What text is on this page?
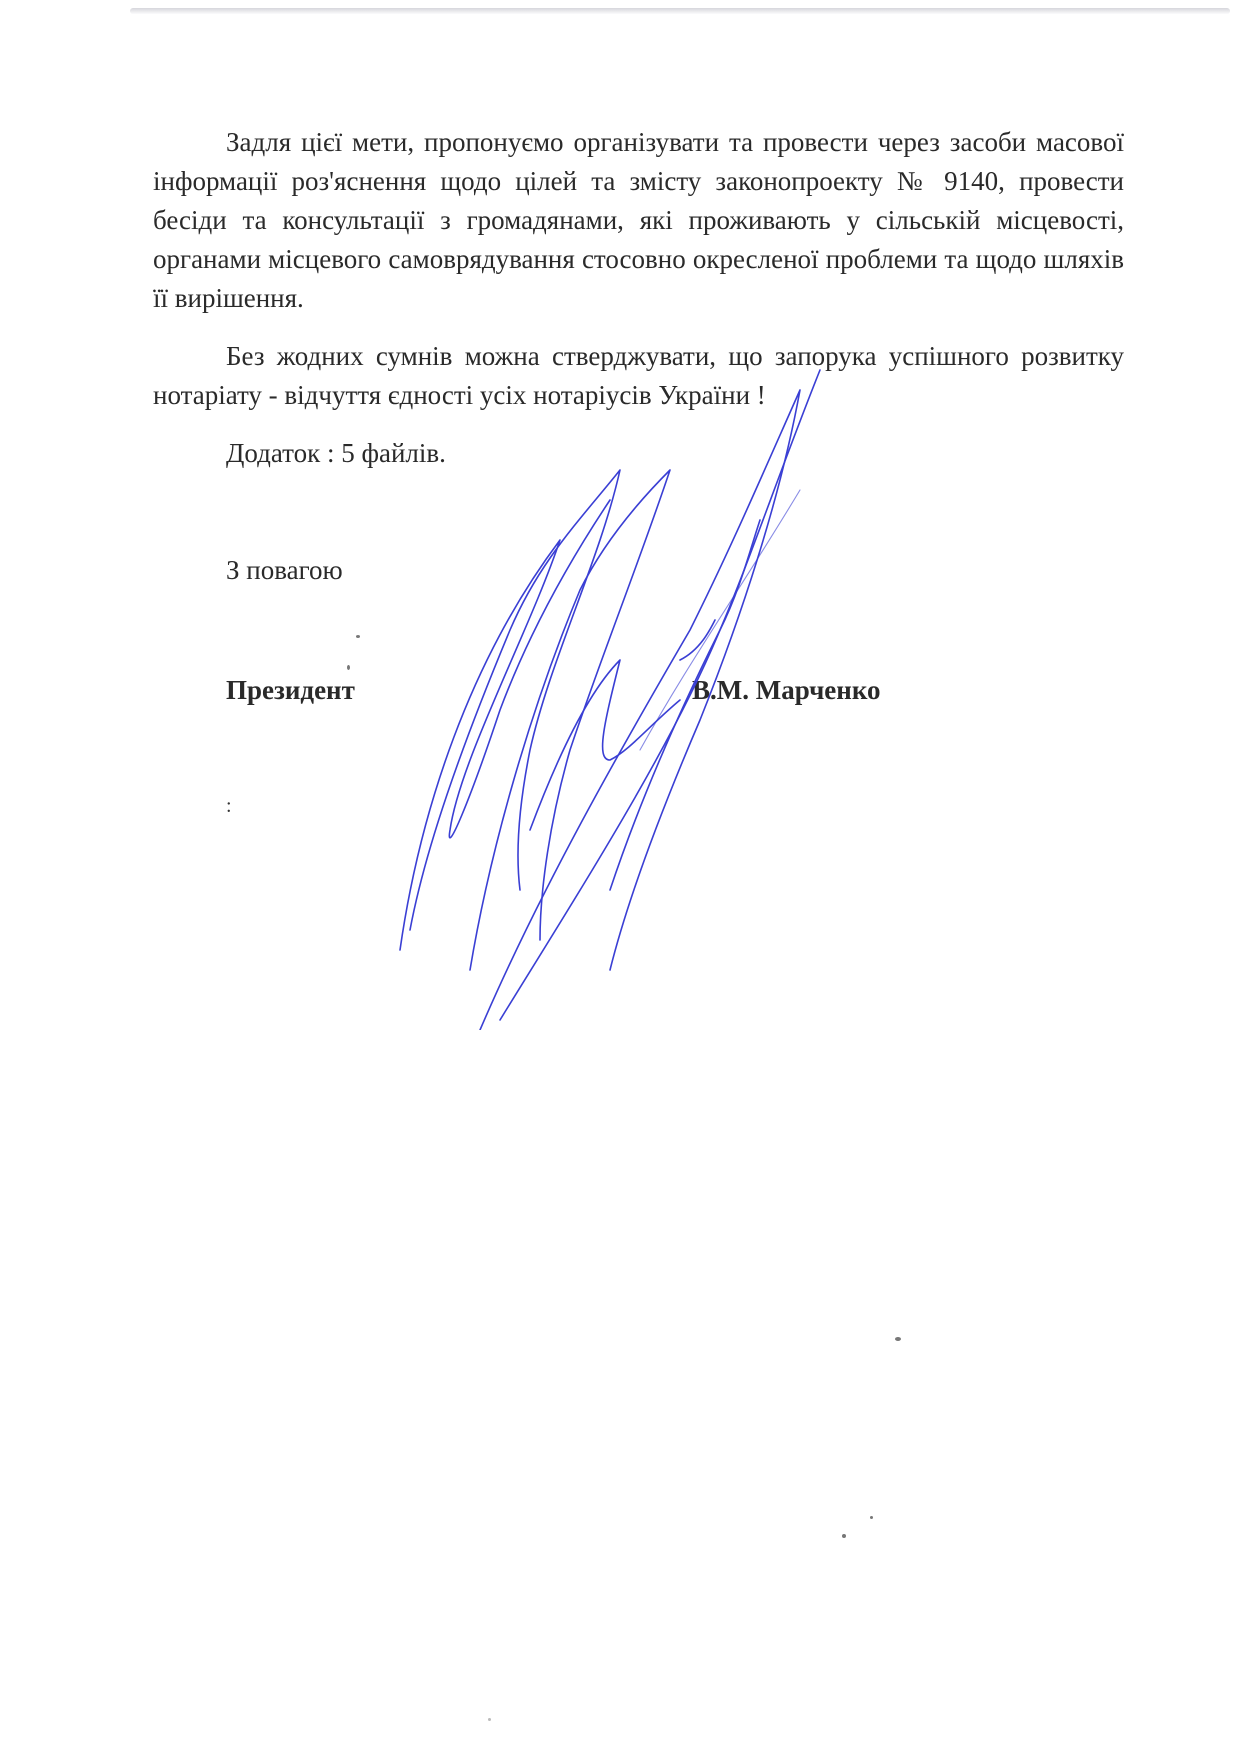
Задля цієї мети, пропонуємо організувати та провести через засоби масової інформації роз'яснення щодо цілей та змісту законопроекту № 9140, провести бесіди та консультації з громадянами, які проживають у сільській місцевості, органами місцевого самоврядування стосовно окресленої проблеми та щодо шляхів її вирішення.

Без жодних сумнів можна стверджувати, що запорука успішного розвитку нотаріату - відчуття єдності усіх нотаріусів України !

Додаток : 5 файлів.
З повагою
Президент	В.М. Марченко
:
